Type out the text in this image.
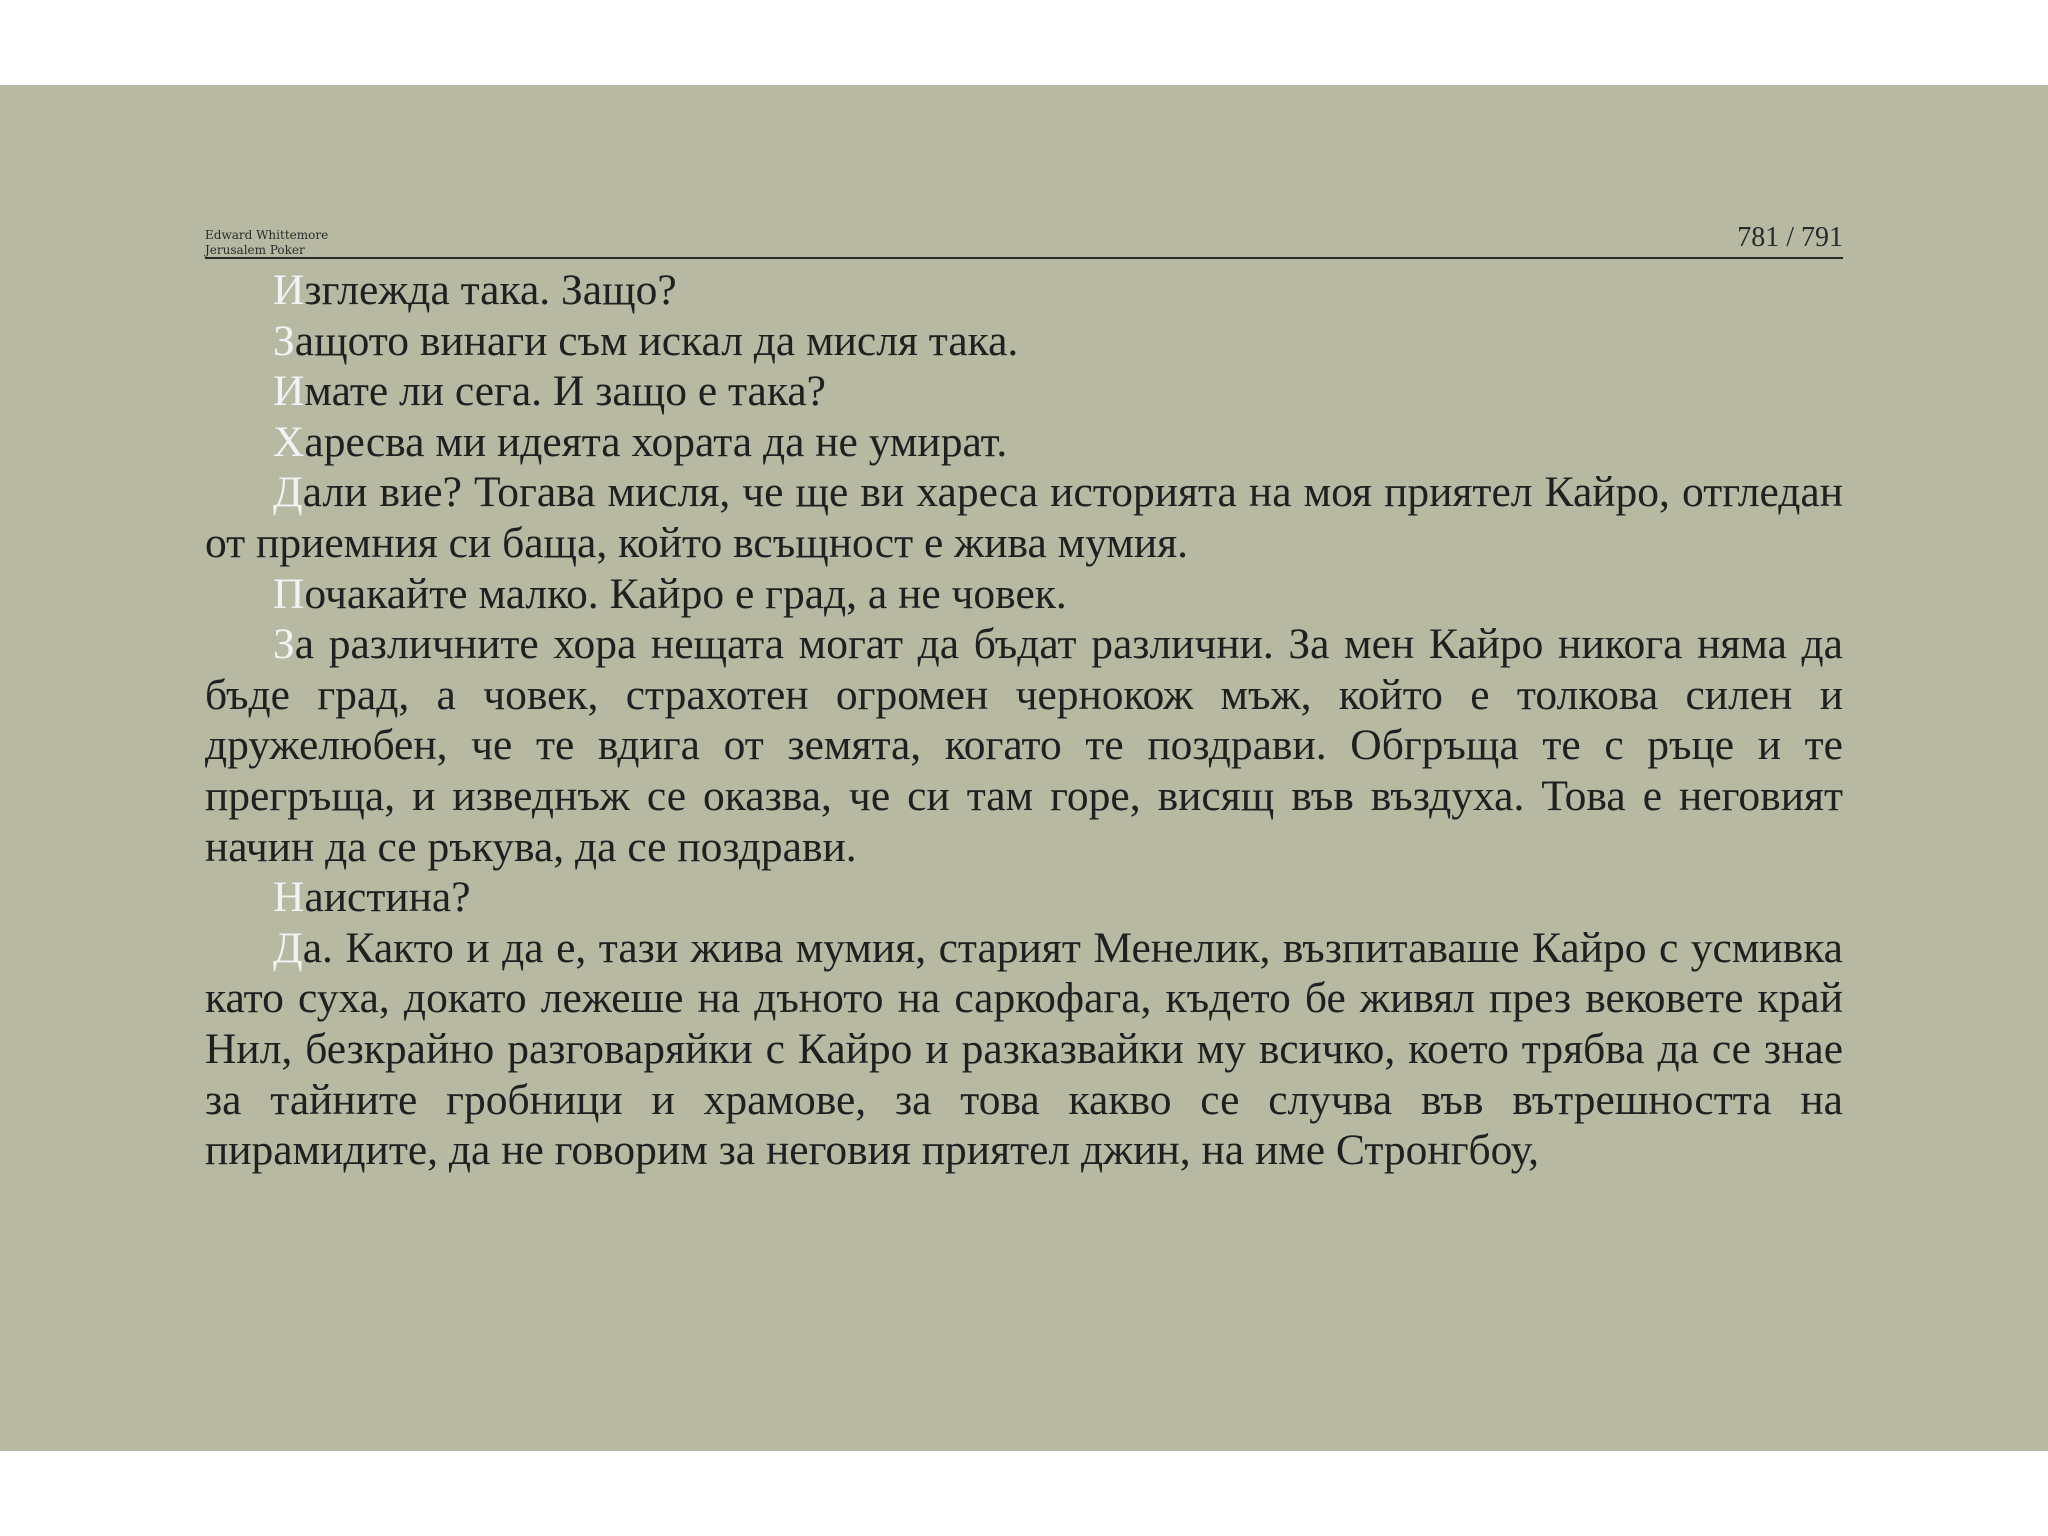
Edward Whittemore
Jerusalem Poker	781 / 791

Изглежда така. Защо?

Защото винаги съм искал да мисля така.

Имате ли сега. И защо е така?

Харесва ми идеята хората да не умират.

Дали вие? Тогава мисля, че ще ви хареса историята на моя приятел Кайро, отгледан от приемния си баща, който всъщност е жива мумия.

Почакайте малко. Кайро е град, а не човек.

За различните хора нещата могат да бъдат различни. За мен Кайро никога няма да бъде град, а човек, страхотен огромен чернокож мъж, който е толкова силен и дружелюбен, че те вдига от земята, когато те поздрави. Обгръща те с ръце и те прегръща, и изведнъж се оказва, че си там горе, висящ във въздуха. Това е неговият начин да се ръкува, да се поздрави.

Наистина?

Да. Както и да е, тази жива мумия, старият Менелик, възпитаваше Кайро с усмивка като суха, докато лежеше на дъното на саркофага, където бе живял през вековете край Нил, безкрайно разговаряйки с Кайро и разказвайки му всичко, което трябва да се знае за тайните гробници и храмове, за това какво се случва във вътрешността на пирамидите, да не говорим за неговия приятел джин, на име Стронгбоу,
